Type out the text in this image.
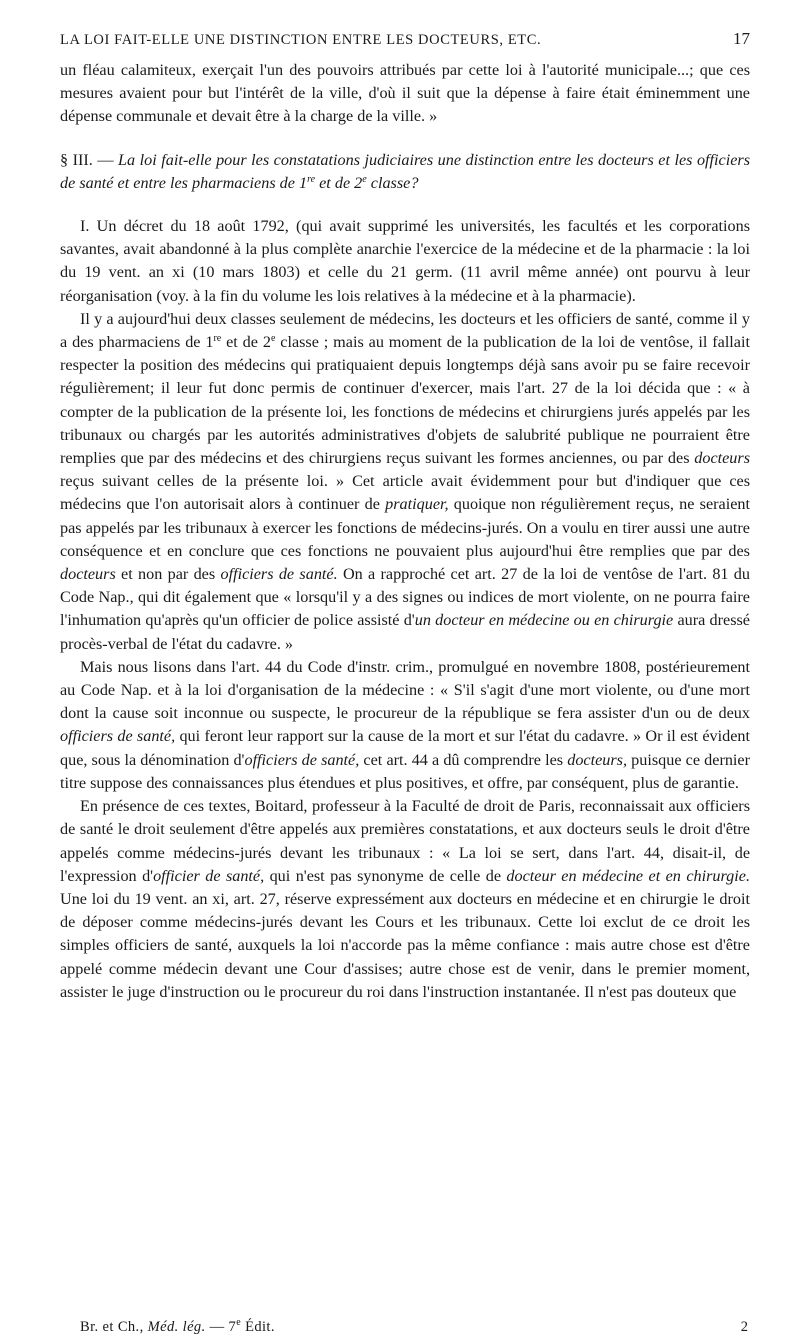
LA LOI FAIT-ELLE UNE DISTINCTION ENTRE LES DOCTEURS, ETC.	17

un fléau calamiteux, exerçait l'un des pouvoirs attribués par cette loi à l'autorité municipale...; que ces mesures avaient pour but l'intérêt de la ville, d'où il suit que la dépense à faire était éminemment une dépense communale et devait être à la charge de la ville. »

§ III. — La loi fait-elle pour les constatations judiciaires une distinction entre les docteurs et les officiers de santé et entre les pharmaciens de 1re et de 2e classe?

I. Un décret du 18 août 1792, (qui avait supprimé les universités, les facultés et les corporations savantes, avait abandonné à la plus complète anarchie l'exercice de la médecine et de la pharmacie : la loi du 19 vent. an xi (10 mars 1803) et celle du 21 germ. (11 avril même année) ont pourvu à leur réorganisation (voy. à la fin du volume les lois relatives à la médecine et à la pharmacie).

Il y a aujourd'hui deux classes seulement de médecins, les docteurs et les officiers de santé, comme il y a des pharmaciens de 1re et de 2e classe ; mais au moment de la publication de la loi de ventôse, il fallait respecter la position des médecins qui pratiquaient depuis longtemps déjà sans avoir pu se faire recevoir régulièrement; il leur fut donc permis de continuer d'exercer, mais l'art. 27 de la loi décida que : « à compter de la publication de la présente loi, les fonctions de médecins et chirurgiens jurés appelés par les tribunaux ou chargés par les autorités administratives d'objets de salubrité publique ne pourraient être remplies que par des médecins et des chirurgiens reçus suivant les formes anciennes, ou par des docteurs reçus suivant celles de la présente loi. » Cet article avait évidemment pour but d'indiquer que ces médecins que l'on autorisait alors à continuer de pratiquer, quoique non régulièrement reçus, ne seraient pas appelés par les tribunaux à exercer les fonctions de médecins-jurés. On a voulu en tirer aussi une autre conséquence et en conclure que ces fonctions ne pouvaient plus aujourd'hui être remplies que par des docteurs et non par des officiers de santé. On a rapproché cet art. 27 de la loi de ventôse de l'art. 81 du Code Nap., qui dit également que « lorsqu'il y a des signes ou indices de mort violente, on ne pourra faire l'inhumation qu'après qu'un officier de police assisté d'un docteur en médecine ou en chirurgie aura dressé procès-verbal de l'état du cadavre. »

Mais nous lisons dans l'art. 44 du Code d'instr. crim., promulgué en novembre 1808, postérieurement au Code Nap. et à la loi d'organisation de la médecine : « S'il s'agit d'une mort violente, ou d'une mort dont la cause soit inconnue ou suspecte, le procureur de la république se fera assister d'un ou de deux officiers de santé, qui feront leur rapport sur la cause de la mort et sur l'état du cadavre. » Or il est évident que, sous la dénomination d'officiers de santé, cet art. 44 a dû comprendre les docteurs, puisque ce dernier titre suppose des connaissances plus étendues et plus positives, et offre, par conséquent, plus de garantie.

En présence de ces textes, Boitard, professeur à la Faculté de droit de Paris, reconnaissait aux officiers de santé le droit seulement d'être appelés aux premières constatations, et aux docteurs seuls le droit d'être appelés comme médecins-jurés devant les tribunaux : « La loi se sert, dans l'art. 44, disait-il, de l'expression d'officier de santé, qui n'est pas synonyme de celle de docteur en médecine et en chirurgie. Une loi du 19 vent. an xi, art. 27, réserve expressément aux docteurs en médecine et en chirurgie le droit de déposer comme médecins-jurés devant les Cours et les tribunaux. Cette loi exclut de ce droit les simples officiers de santé, auxquels la loi n'accorde pas la même confiance : mais autre chose est d'être appelé comme médecin devant une Cour d'assises; autre chose est de venir, dans le premier moment, assister le juge d'instruction ou le procureur du roi dans l'instruction instantanée. Il n'est pas douteux que

Br. et Ch., Méd. lég. — 7e Édit.	2
